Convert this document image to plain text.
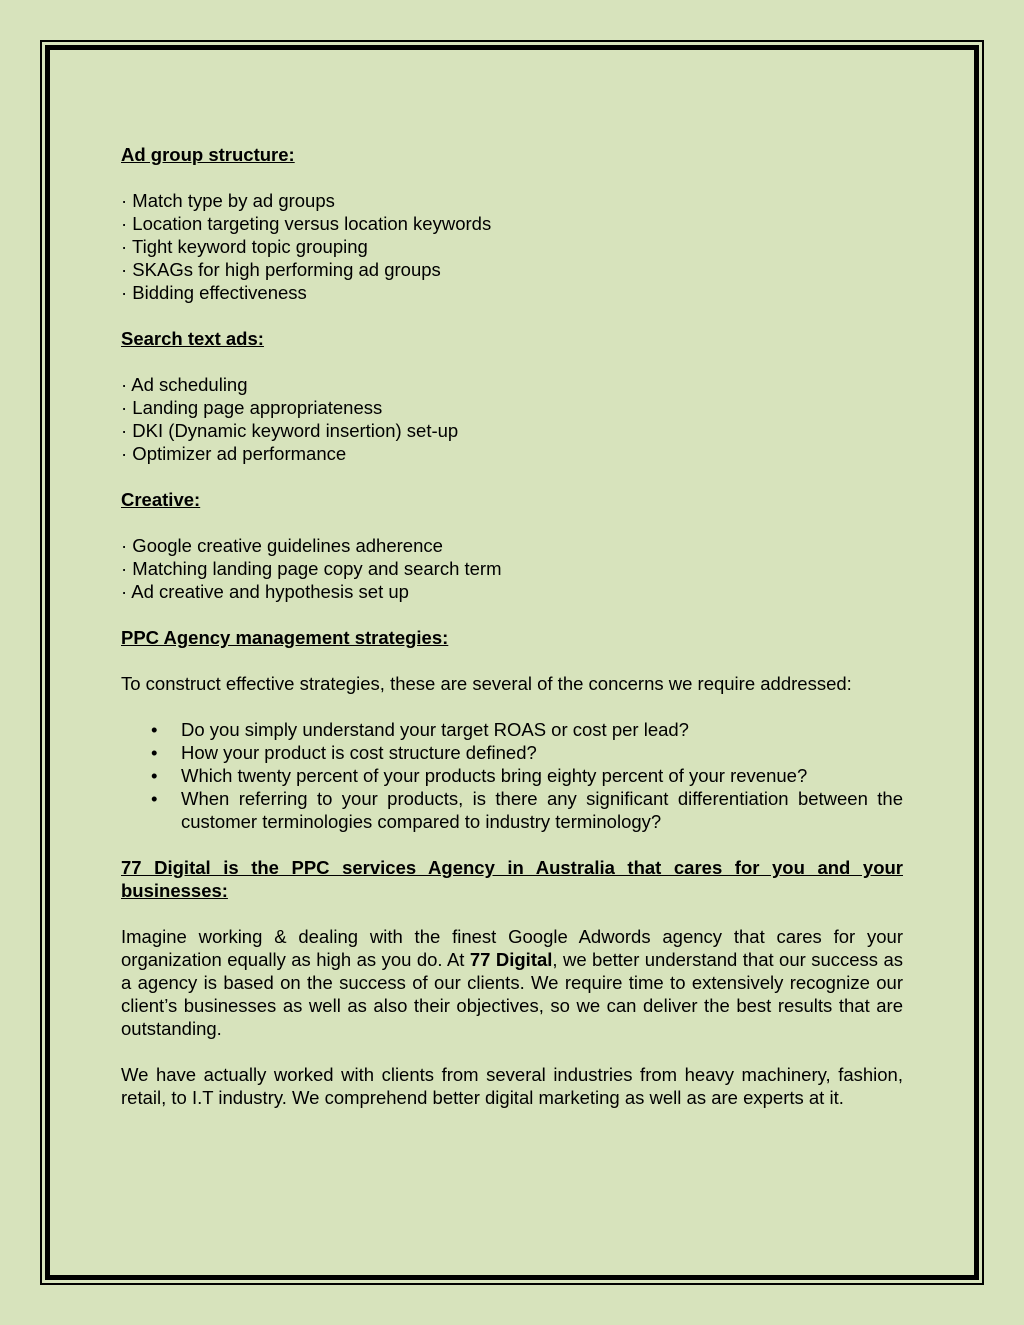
Ad group structure:

· Match type by ad groups
· Location targeting versus location keywords
· Tight keyword topic grouping
· SKAGs for high performing ad groups
· Bidding effectiveness

Search text ads:

· Ad scheduling
· Landing page appropriateness
· DKI (Dynamic keyword insertion) set-up
· Optimizer ad performance

Creative:

· Google creative guidelines adherence
· Matching landing page copy and search term
· Ad creative and hypothesis set up

PPC Agency management strategies:

To construct effective strategies, these are several of the concerns we require addressed:

• Do you simply understand your target ROAS or cost per lead?
• How your product is cost structure defined?
• Which twenty percent of your products bring eighty percent of your revenue?
• When referring to your products, is there any significant differentiation between the customer terminologies compared to industry terminology?

77 Digital is the PPC services Agency in Australia that cares for you and your businesses:

Imagine working & dealing with the finest Google Adwords agency that cares for your organization equally as high as you do. At 77 Digital, we better understand that our success as a agency is based on the success of our clients. We require time to extensively recognize our client’s businesses as well as also their objectives, so we can deliver the best results that are outstanding.

We have actually worked with clients from several industries from heavy machinery, fashion, retail, to I.T industry. We comprehend better digital marketing as well as are experts at it.
